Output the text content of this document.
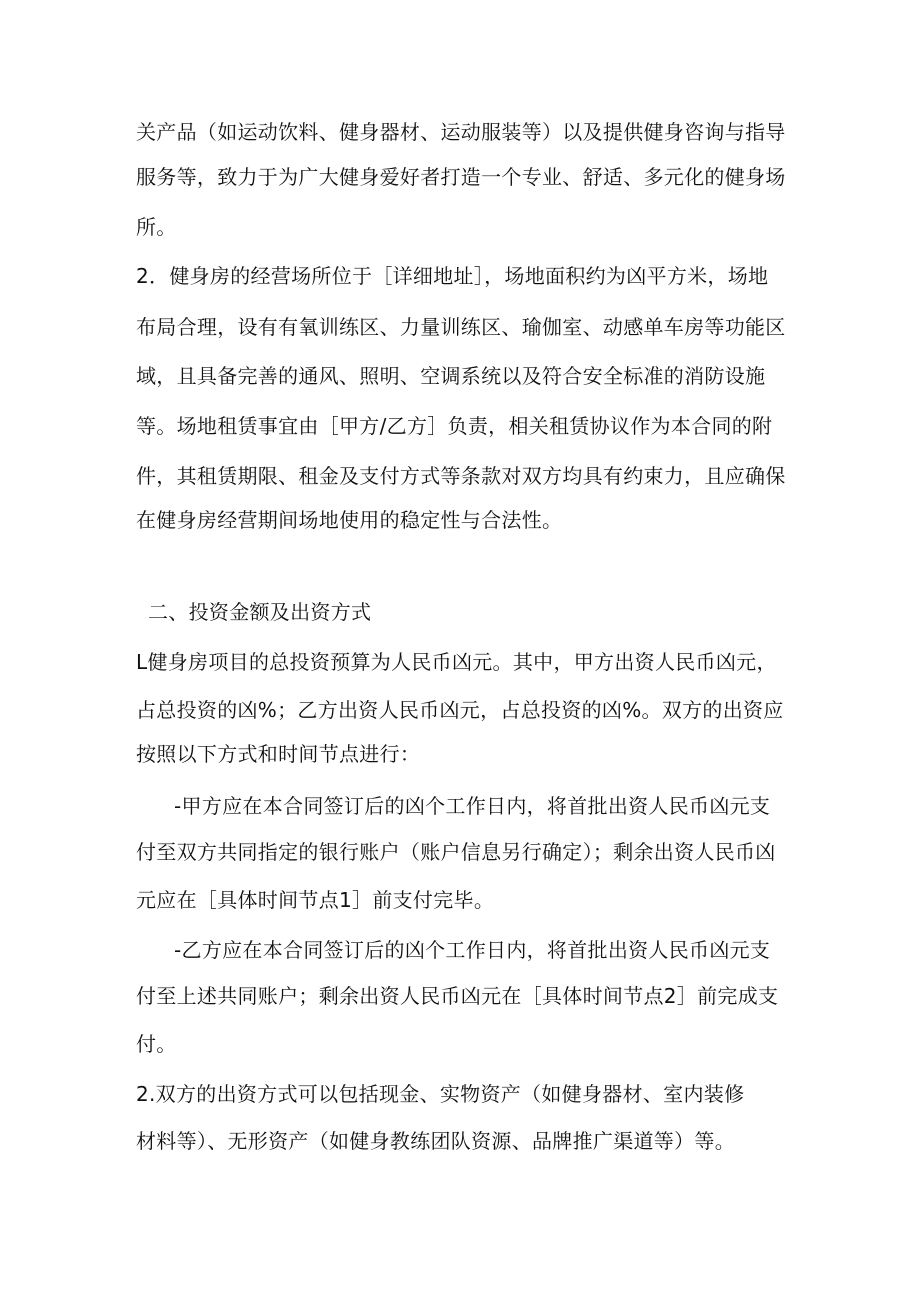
关产品（如运动饮料、健身器材、运动服装等）以及提供健身咨询与指导
服务等，致力于为广大健身爱好者打造一个专业、舒适、多元化的健身场
所。
2．健身房的经营场所位于［详细地址］，场地面积约为凶平方米，场地
布局合理，设有有氧训练区、力量训练区、瑜伽室、动感单车房等功能区
域，且具备完善的通风、照明、空调系统以及符合安全标准的消防设施
等。场地租赁事宜由［甲方/乙方］负责，相关租赁协议作为本合同的附
件，其租赁期限、租金及支付方式等条款对双方均具有约束力，且应确保
在健身房经营期间场地使用的稳定性与合法性。
二、投资金额及出资方式
L健身房项目的总投资预算为人民币凶元。其中，甲方出资人民币凶元，
占总投资的凶%；乙方出资人民币凶元，占总投资的凶%。双方的出资应
按照以下方式和时间节点进行：
-甲方应在本合同签订后的凶个工作日内，将首批出资人民币凶元支
付至双方共同指定的银行账户（账户信息另行确定）；剩余出资人民币凶
元应在［具体时间节点1］前支付完毕。
-乙方应在本合同签订后的凶个工作日内，将首批出资人民币凶元支
付至上述共同账户；剩余出资人民币凶元在［具体时间节点2］前完成支
付。
2.双方的出资方式可以包括现金、实物资产（如健身器材、室内装修
材料等）、无形资产（如健身教练团队资源、品牌推广渠道等）等。
